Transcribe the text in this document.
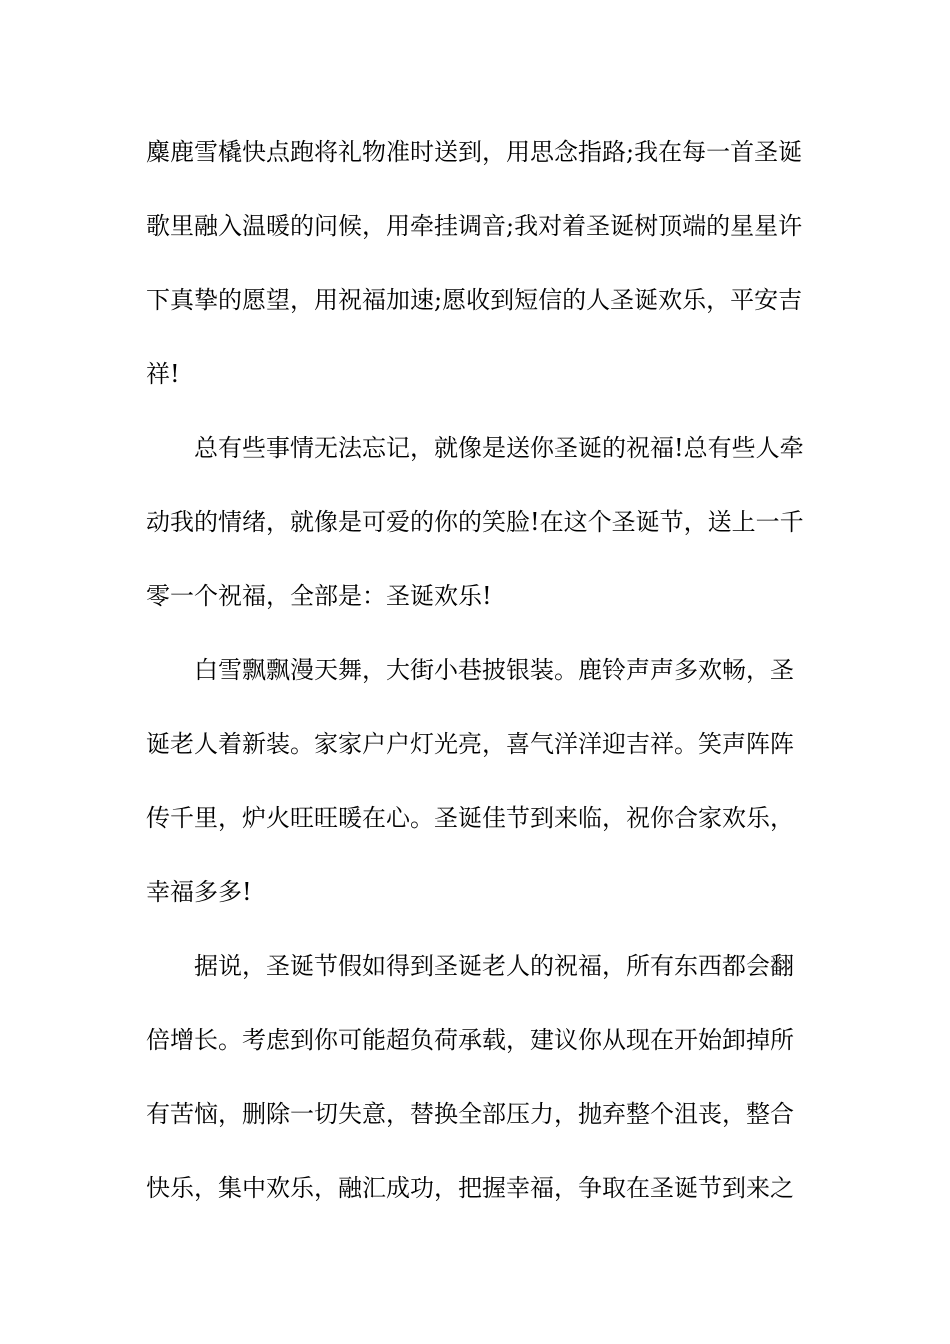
麋鹿雪橇快点跑将礼物准时送到，用思念指路;我在每一首圣诞
歌里融入温暖的问候，用牵挂调音;我对着圣诞树顶端的星星许
下真挚的愿望，用祝福加速;愿收到短信的人圣诞欢乐，平安吉
祥!
总有些事情无法忘记，就像是送你圣诞的祝福!总有些人牵
动我的情绪，就像是可爱的你的笑脸!在这个圣诞节，送上一千
零一个祝福，全部是：圣诞欢乐!
白雪飘飘漫天舞，大街小巷披银装。鹿铃声声多欢畅，圣
诞老人着新装。家家户户灯光亮，喜气洋洋迎吉祥。笑声阵阵
传千里，炉火旺旺暖在心。圣诞佳节到来临，祝你合家欢乐，
幸福多多!
据说，圣诞节假如得到圣诞老人的祝福，所有东西都会翻
倍增长。考虑到你可能超负荷承载，建议你从现在开始卸掉所
有苦恼，删除一切失意，替换全部压力，抛弃整个沮丧，整合
快乐，集中欢乐，融汇成功，把握幸福，争取在圣诞节到来之
